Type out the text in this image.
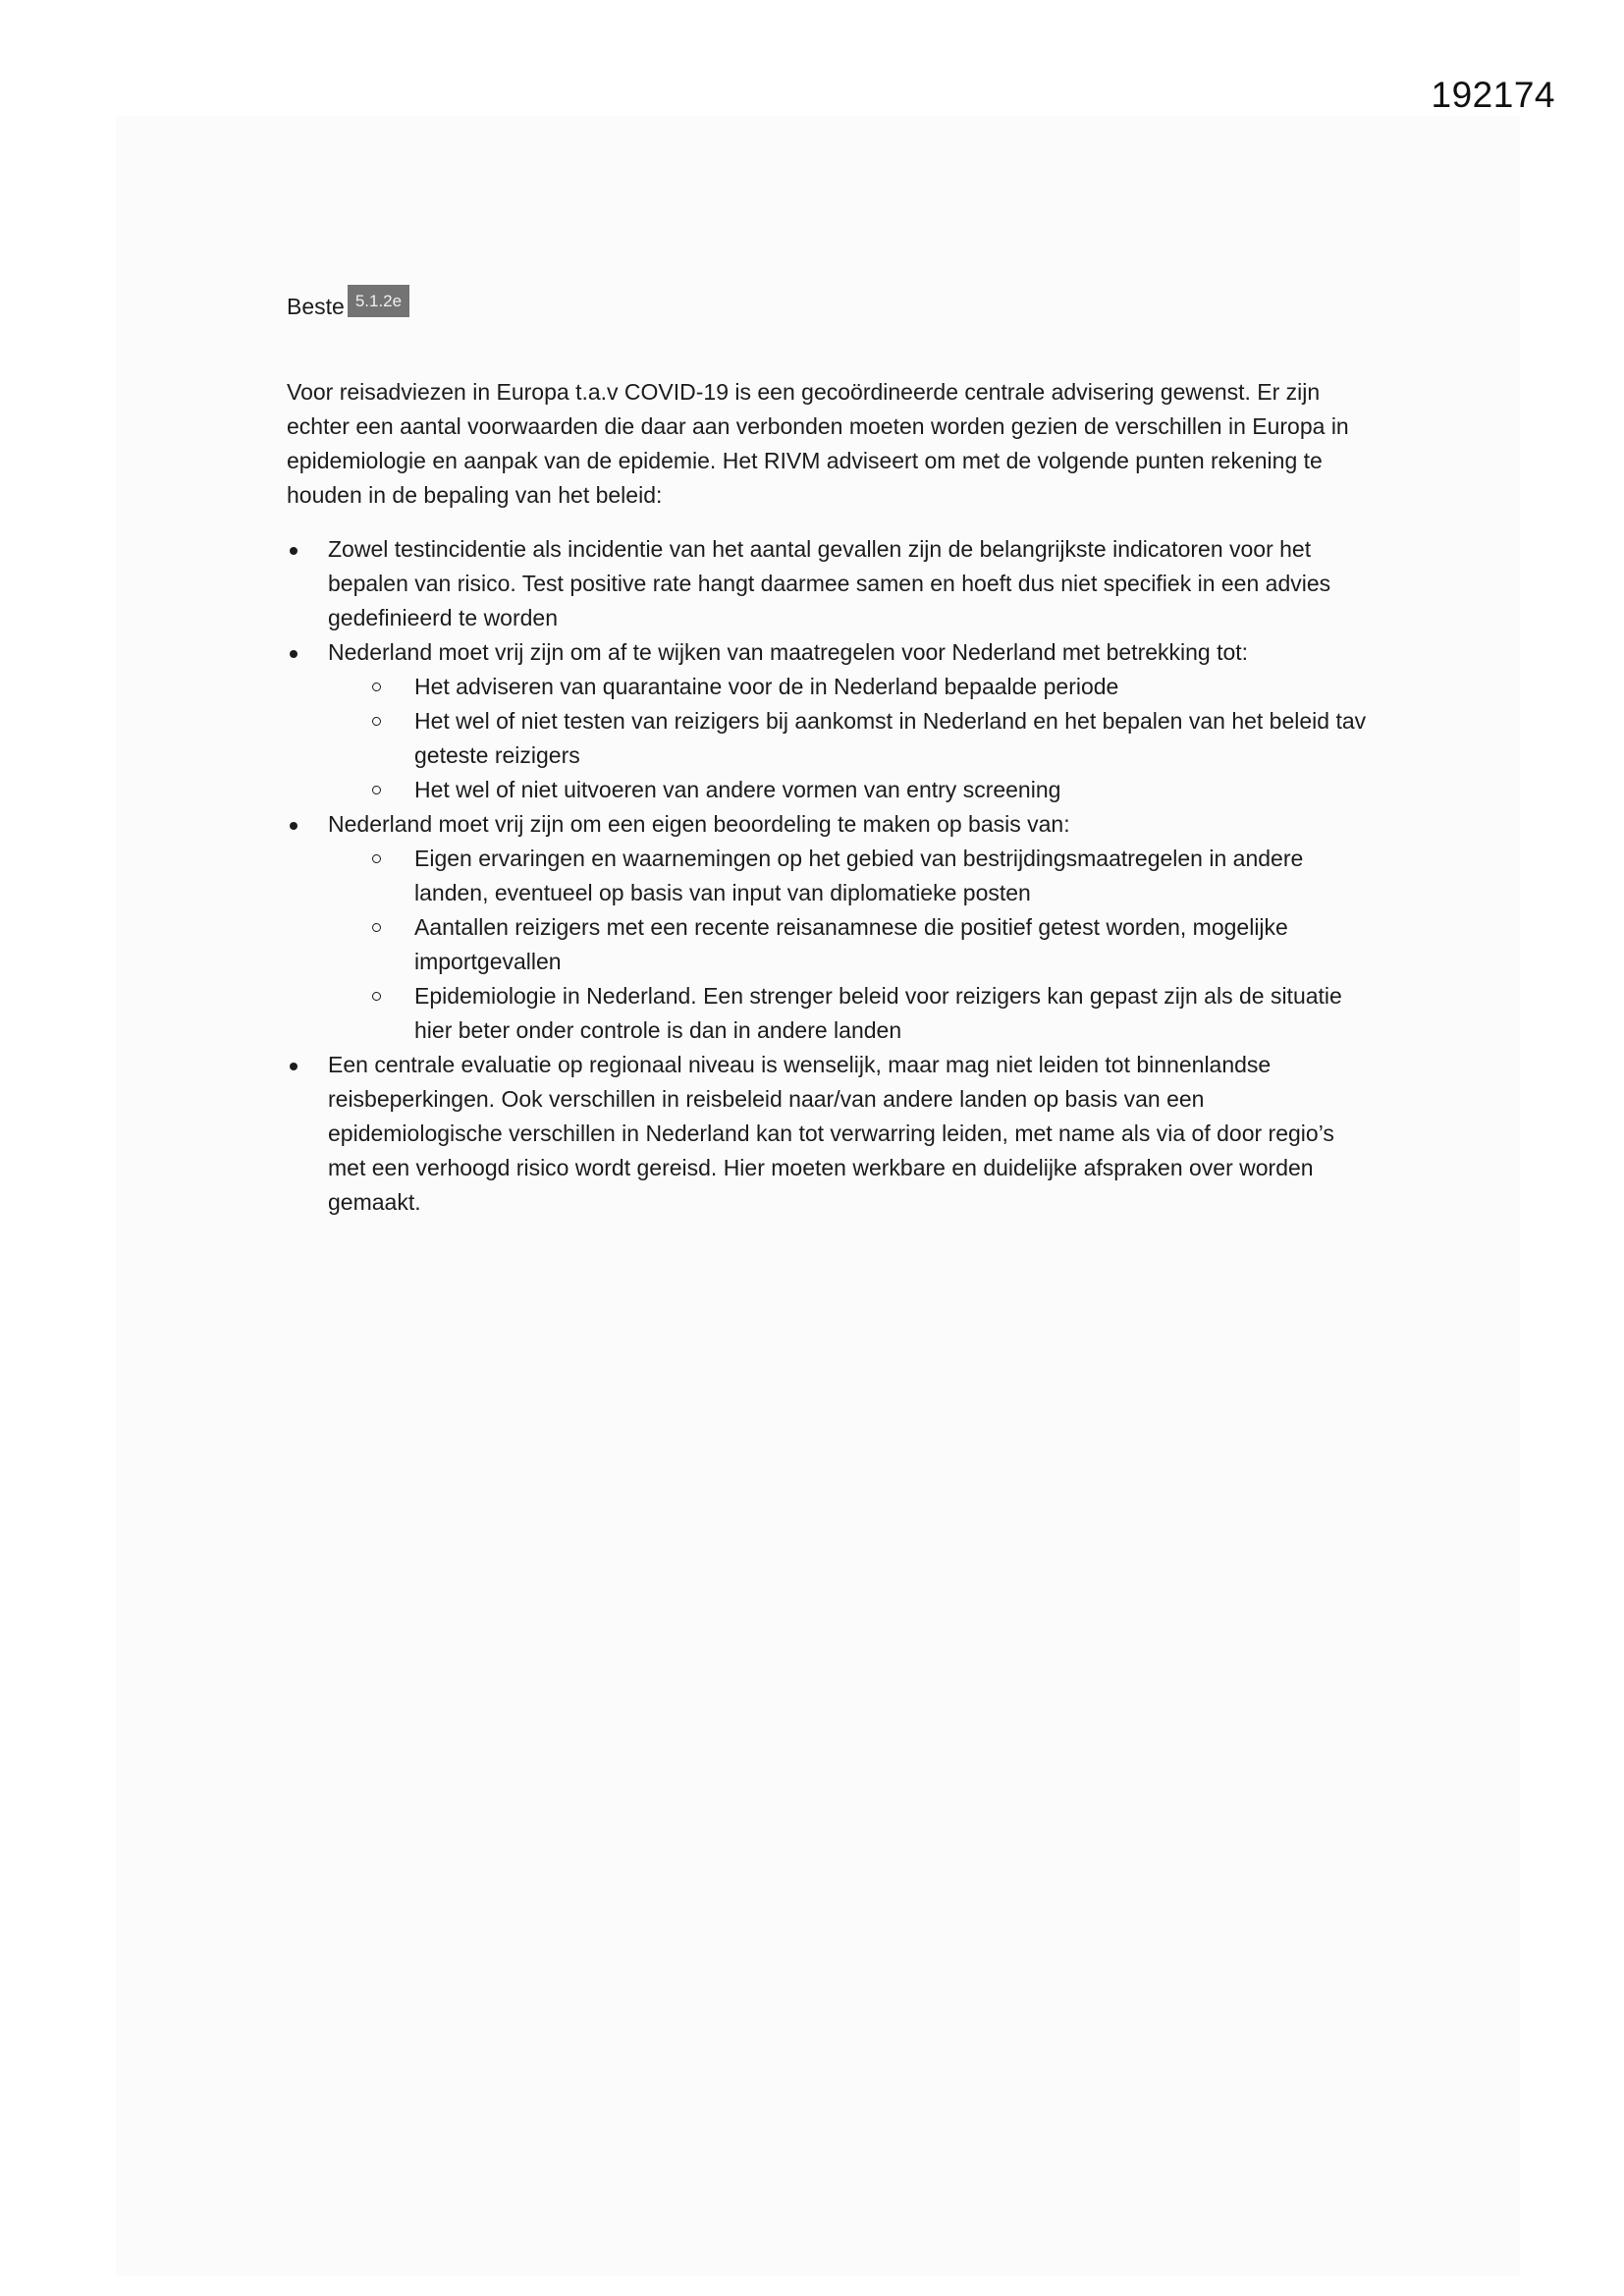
192174
Beste 5.1.2e

Voor reisadviezen in Europa t.a.v COVID-19 is een gecoördineerde centrale advisering gewenst. Er zijn echter een aantal voorwaarden die daar aan verbonden moeten worden gezien de verschillen in Europa in epidemiologie en aanpak van de epidemie. Het RIVM adviseert om met de volgende punten rekening te houden in de bepaling van het beleid:

Zowel testincidentie als incidentie van het aantal gevallen zijn de belangrijkste indicatoren voor het bepalen van risico. Test positive rate hangt daarmee samen en hoeft dus niet specifiek in een advies gedefinieerd te worden
Nederland moet vrij zijn om af te wijken van maatregelen voor Nederland met betrekking tot:
Het adviseren van quarantaine voor de in Nederland bepaalde periode
Het wel of niet testen van reizigers bij aankomst in Nederland en het bepalen van het beleid tav geteste reizigers
Het wel of niet uitvoeren van andere vormen van entry screening
Nederland moet vrij zijn om een eigen beoordeling te maken op basis van:
Eigen ervaringen en waarnemingen op het gebied van bestrijdingsmaatregelen in andere landen, eventueel op basis van input van diplomatieke posten
Aantallen reizigers met een recente reisanamnese die positief getest worden, mogelijke importgevallen
Epidemiologie in Nederland. Een strenger beleid voor reizigers kan gepast zijn als de situatie hier beter onder controle is dan in andere landen
Een centrale evaluatie op regionaal niveau is wenselijk, maar mag niet leiden tot binnenlandse reisbeperkingen. Ook verschillen in reisbeleid naar/van andere landen op basis van een epidemiologische verschillen in Nederland kan tot verwarring leiden, met name als via of door regio’s met een verhoogd risico wordt gereisd. Hier moeten werkbare en duidelijke afspraken over worden gemaakt.
